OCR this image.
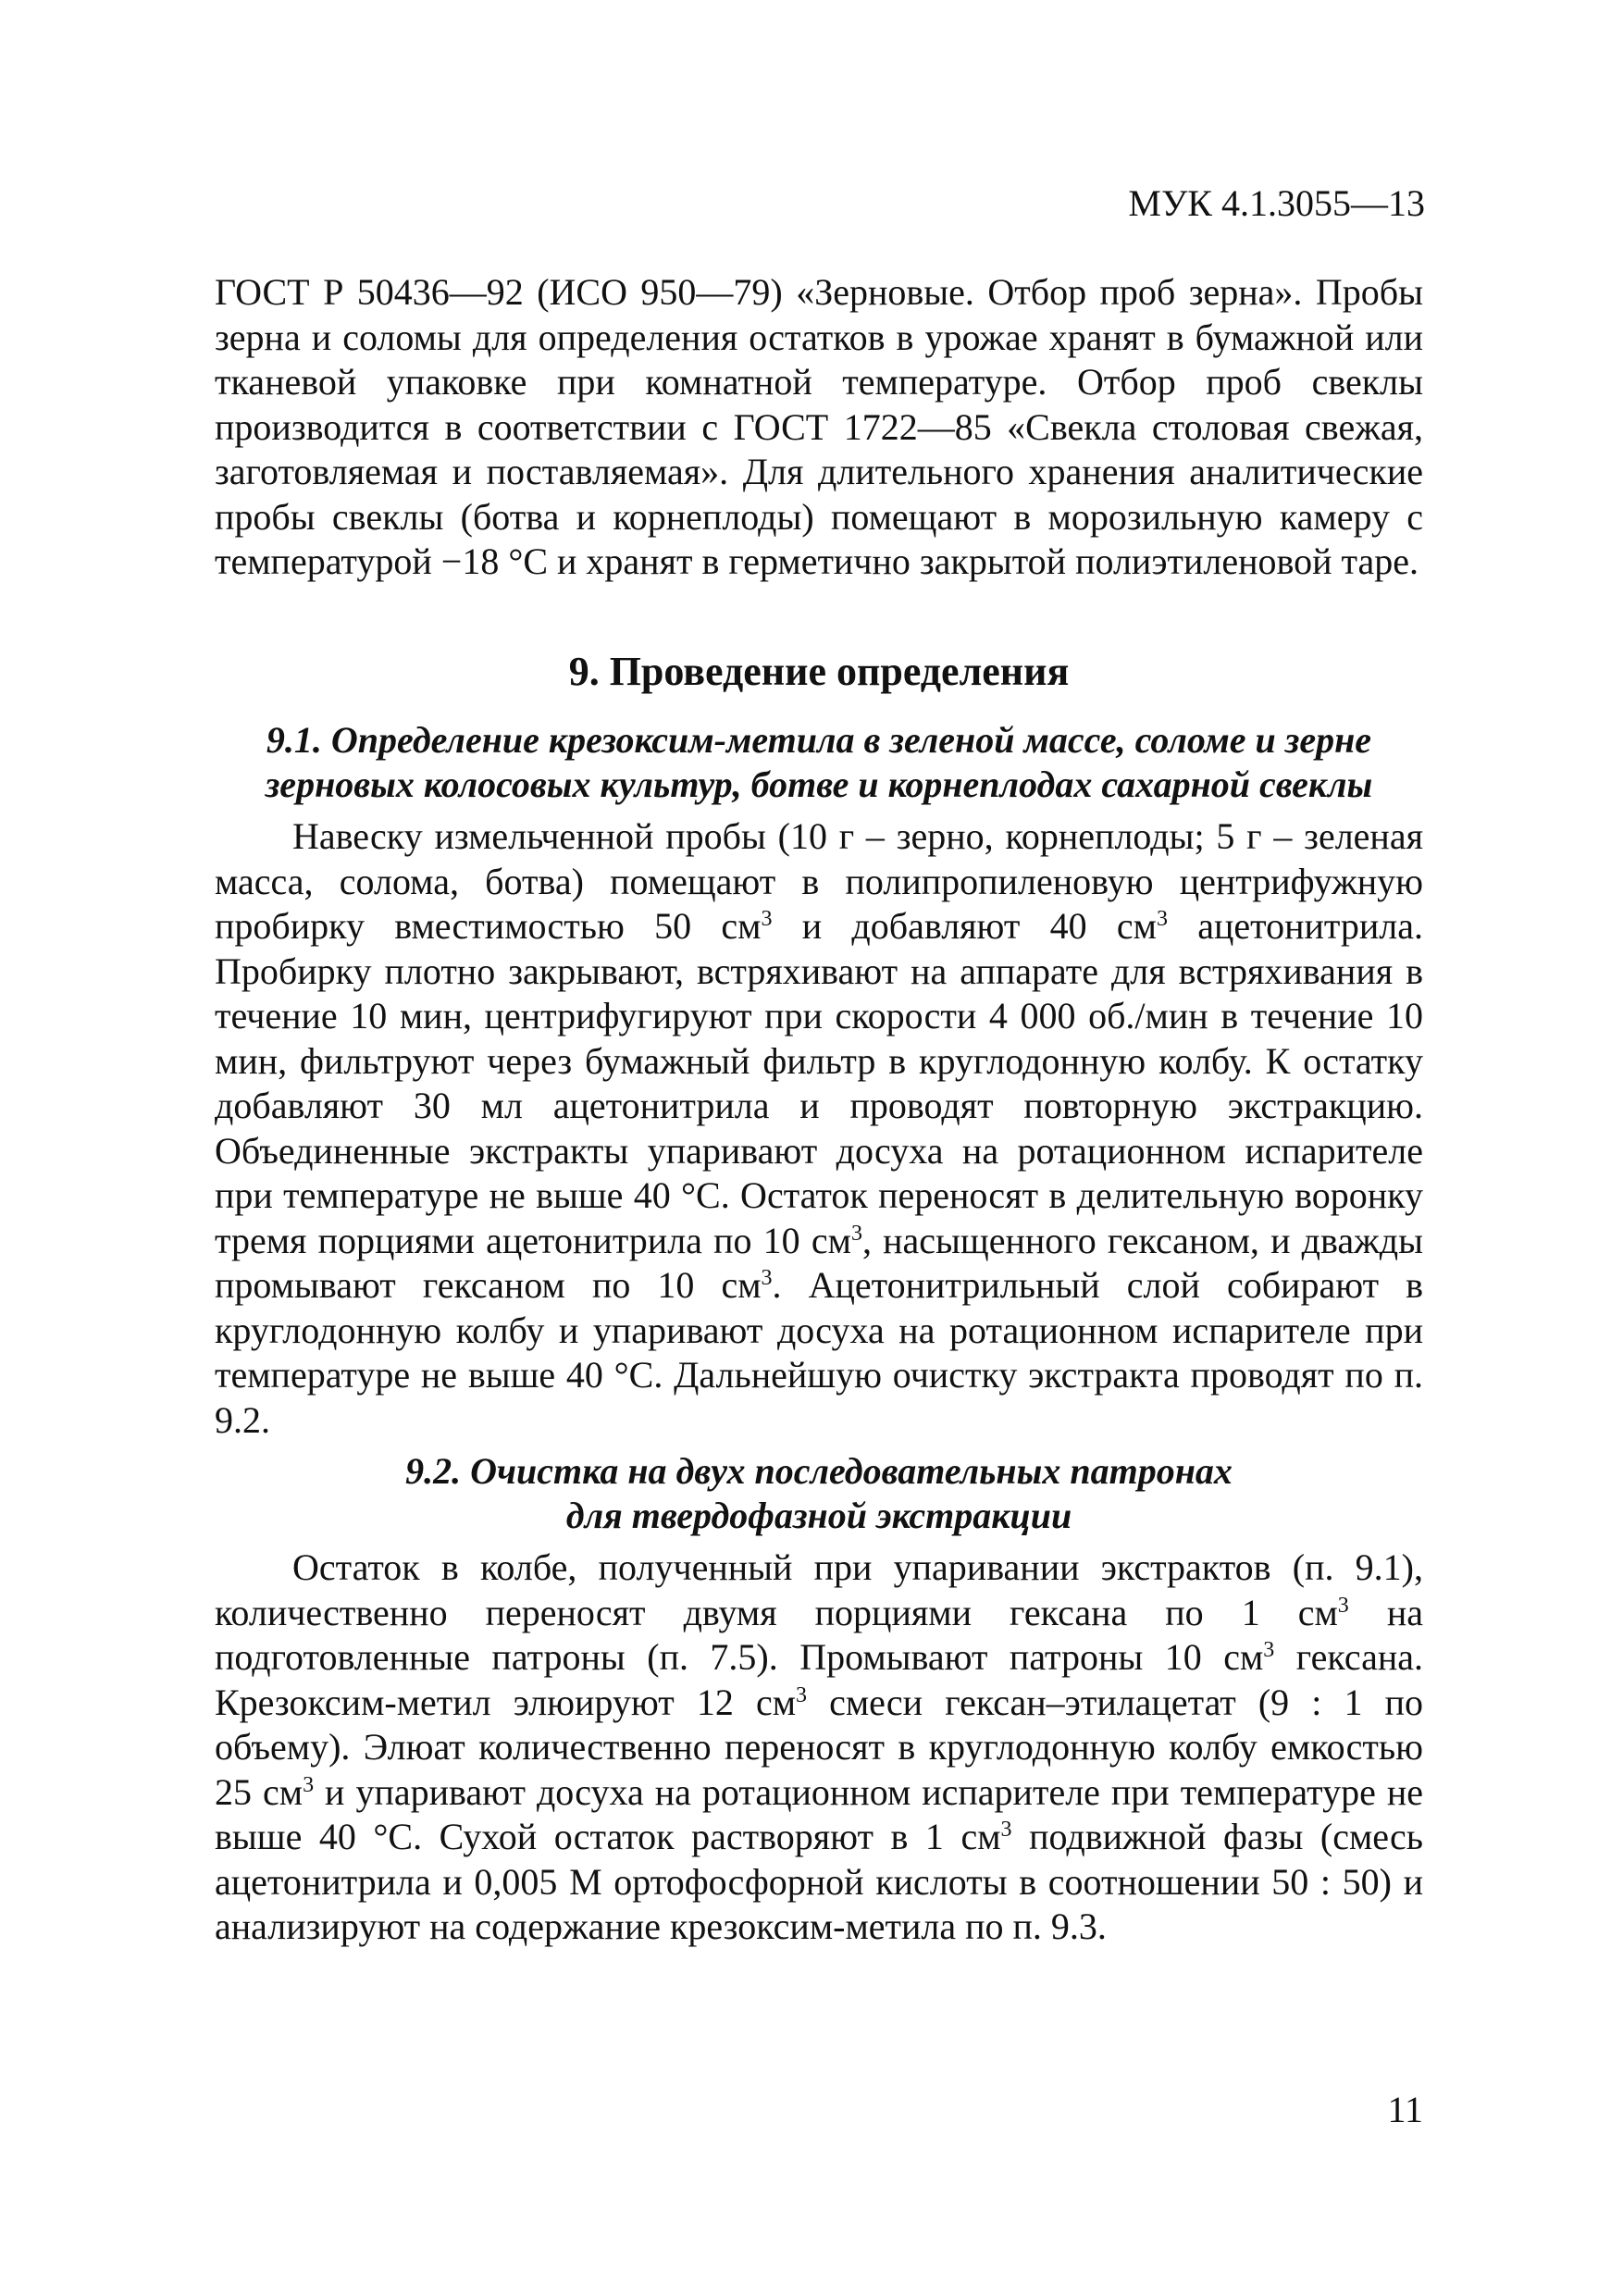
МУК 4.1.3055—13

ГОСТ Р 50436—92 (ИСО 950—79) «Зерновые. Отбор проб зерна». Пробы зерна и соломы для определения остатков в урожае хранят в бумажной или тканевой упаковке при комнатной температуре. Отбор проб свеклы производится в соответствии с ГОСТ 1722—85 «Свекла столовая свежая, заготовляемая и поставляемая». Для длительного хранения аналитические пробы свеклы (ботва и корнеплоды) помещают в морозильную камеру с температурой −18 °С и хранят в герметично закрытой полиэтиленовой таре.

9. Проведение определения
9.1. Определение крезоксим-метила в зеленой массе, соломе и зерне
зерновых колосовых культур, ботве и корнеплодах сахарной свеклы

Навеску измельченной пробы (10 г – зерно, корнеплоды; 5 г – зеленая масса, солома, ботва) помещают в полипропиленовую центрифужную пробирку вместимостью 50 $см^3$ и добавляют 40 $см^3$ ацетонитрила. Пробирку плотно закрывают, встряхивают на аппарате для встряхивания в течение 10 мин, центрифугируют при скорости 4 000 об./мин в течение 10 мин, фильтруют через бумажный фильтр в круглодонную колбу. К остатку добавляют 30 мл ацетонитрила и проводят повторную экстракцию. Объединенные экстракты упаривают досуха на ротационном испарителе при температуре не выше 40 °С. Остаток переносят в делительную воронку тремя порциями ацетонитрила по 10 $см^3$, насыщенного гексаном, и дважды промывают гексаном по 10 $см^3$. Ацетонитрильный слой собирают в круглодонную колбу и упаривают досуха на ротационном испарителе при температуре не выше 40 °С. Дальнейшую очистку экстракта проводят по п. 9.2.

9.2. Очистка на двух последовательных патронах
для твердофазной экстракции

Остаток в колбе, полученный при упаривании экстрактов (п. 9.1), количественно переносят двумя порциями гексана по 1 $см^3$ на подготовленные патроны (п. 7.5). Промывают патроны 10 $см^3$ гексана. Крезоксим-метил элюируют 12 $см^3$ смеси гексан–этилацетат (9 : 1 по объему). Элюат количественно переносят в круглодонную колбу емкостью 25 $см^3$ и упаривают досуха на ротационном испарителе при температуре не выше 40 °С. Сухой остаток растворяют в 1 $см^3$ подвижной фазы (смесь ацетонитрила и 0,005 М ортофосфорной кислоты в соотношении 50 : 50) и анализируют на содержание крезоксим-метила по п. 9.3.

11
